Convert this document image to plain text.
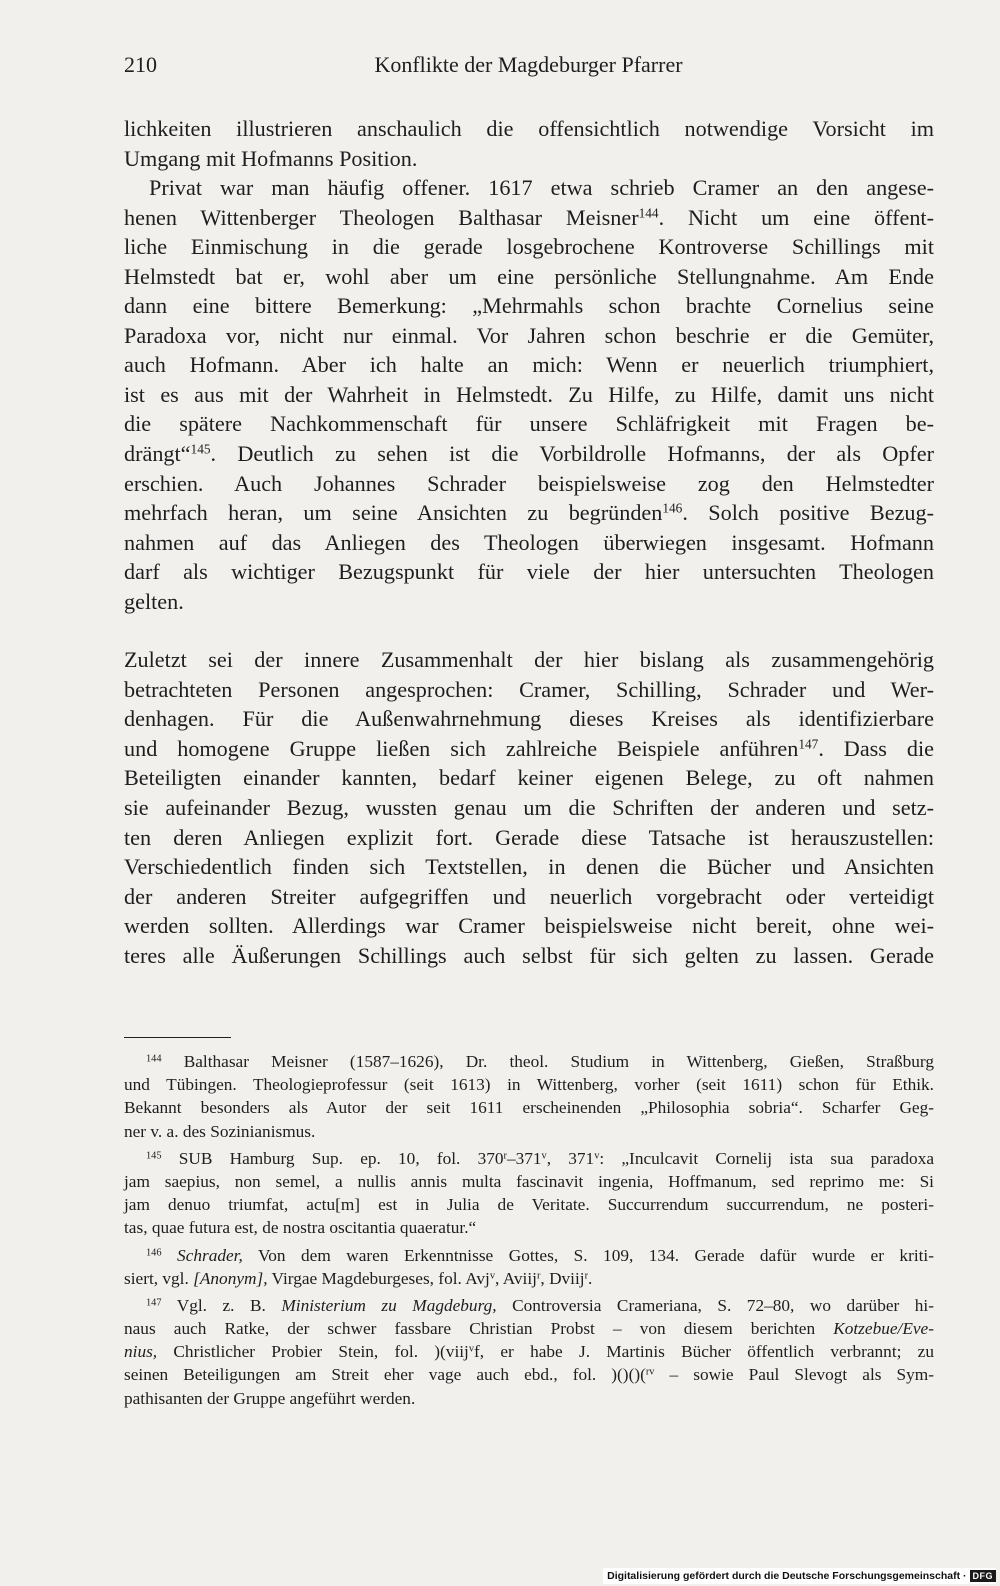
210	Konflikte der Magdeburger Pfarrer
lichkeiten illustrieren anschaulich die offensichtlich notwendige Vorsicht im
Umgang mit Hofmanns Position.
Privat war man häufig offener. 1617 etwa schrieb Cramer an den angese-
henen Wittenberger Theologen Balthasar Meisner$^{144}$. Nicht um eine öffent-
liche Einmischung in die gerade losgebrochene Kontroverse Schillings mit
Helmstedt bat er, wohl aber um eine persönliche Stellungnahme. Am Ende
dann eine bittere Bemerkung: „Mehrmahls schon brachte Cornelius seine
Paradoxa vor, nicht nur einmal. Vor Jahren schon beschrie er die Gemüter,
auch Hofmann. Aber ich halte an mich: Wenn er neuerlich triumphiert,
ist es aus mit der Wahrheit in Helmstedt. Zu Hilfe, zu Hilfe, damit uns nicht
die spätere Nachkommenschaft für unsere Schläfrigkeit mit Fragen be-
drängt“$^{145}$. Deutlich zu sehen ist die Vorbildrolle Hofmanns, der als Opfer
erschien. Auch Johannes Schrader beispielsweise zog den Helmstedter
mehrfach heran, um seine Ansichten zu begründen$^{146}$. Solch positive Bezug-
nahmen auf das Anliegen des Theologen überwiegen insgesamt. Hofmann
darf als wichtiger Bezugspunkt für viele der hier untersuchten Theologen
gelten.
Zuletzt sei der innere Zusammenhalt der hier bislang als zusammengehörig
betrachteten Personen angesprochen: Cramer, Schilling, Schrader und Wer-
denhagen. Für die Außenwahrnehmung dieses Kreises als identifizierbare
und homogene Gruppe ließen sich zahlreiche Beispiele anführen$^{147}$. Dass die
Beteiligten einander kannten, bedarf keiner eigenen Belege, zu oft nahmen
sie aufeinander Bezug, wussten genau um die Schriften der anderen und setz-
ten deren Anliegen explizit fort. Gerade diese Tatsache ist herauszustellen:
Verschiedentlich finden sich Textstellen, in denen die Bücher und Ansichten
der anderen Streiter aufgegriffen und neuerlich vorgebracht oder verteidigt
werden sollten. Allerdings war Cramer beispielsweise nicht bereit, ohne wei-
teres alle Äußerungen Schillings auch selbst für sich gelten zu lassen. Gerade
$^{144}$ Balthasar Meisner (1587–1626), Dr. theol. Studium in Wittenberg, Gießen, Straßburg
und Tübingen. Theologieprofessur (seit 1613) in Wittenberg, vorher (seit 1611) schon für Ethik.
Bekannt besonders als Autor der seit 1611 erscheinenden „Philosophia sobria“. Scharfer Geg-
ner v. a. des Sozinianismus.
$^{145}$ SUB Hamburg Sup. ep. 10, fol. 370$^r$–371$^v$, 371$^v$: „Inculcavit Cornelij ista sua paradoxa
jam saepius, non semel, a nullis annis multa fascinavit ingenia, Hoffmanum, sed reprimo me: Si
jam denuo triumfat, actu[m] est in Julia de Veritate. Succurrendum succurrendum, ne posteri-
tas, quae futura est, de nostra oscitantia quaeratur.“
$^{146}$ Schrader, Von dem waren Erkenntnisse Gottes, S. 109, 134. Gerade dafür wurde er kriti-
siert, vgl. [Anonym], Virgae Magdeburgeses, fol. Avj$^v$, Aviij$^r$, Dviij$^r$.
$^{147}$ Vgl. z. B. Ministerium zu Magdeburg, Controversia Crameriana, S. 72–80, wo darüber hi-
naus auch Ratke, der schwer fassbare Christian Probst – von diesem berichten Kotzebue/Eve-
nius, Christlicher Probier Stein, fol. )(viij$^v$f, er habe J. Martinis Bücher öffentlich verbrannt; zu
seinen Beteiligungen am Streit eher vage auch ebd., fol. )()()($^{rv}$ – sowie Paul Slevogt als Sym-
pathisanten der Gruppe angeführt werden.
Digitalisierung gefördert durch die Deutsche Forschungsgemeinschaft · DFG
